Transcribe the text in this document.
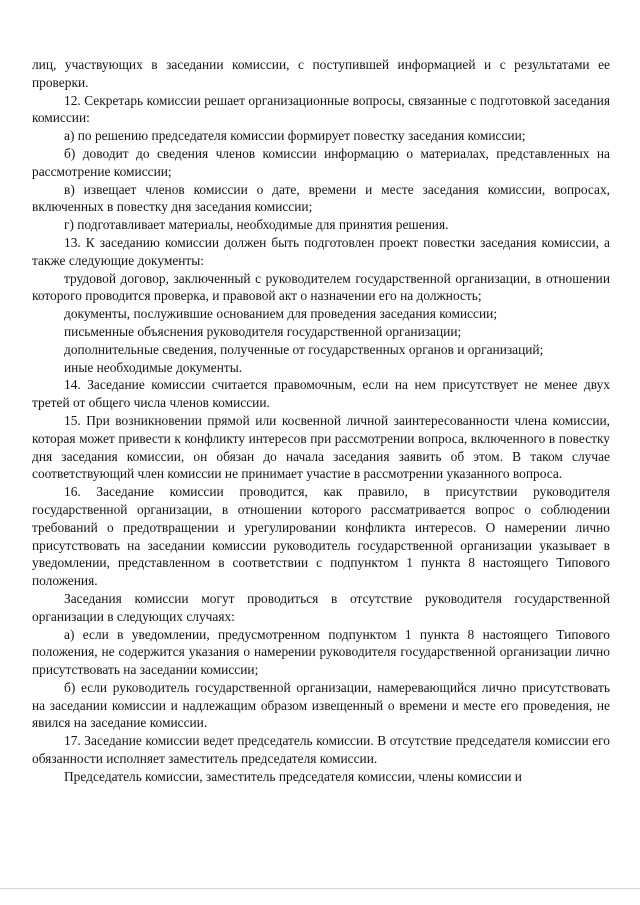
лиц, участвующих в заседании комиссии, с поступившей информацией и с результатами ее проверки.

12. Секретарь комиссии решает организационные вопросы, связанные с подготовкой заседания комиссии:

а) по решению председателя комиссии формирует повестку заседания комиссии;

б) доводит до сведения членов комиссии информацию о материалах, представленных на рассмотрение комиссии;

в) извещает членов комиссии о дате, времени и месте заседания комиссии, вопросах, включенных в повестку дня заседания комиссии;

г) подготавливает материалы, необходимые для принятия решения.

13. К заседанию комиссии должен быть подготовлен проект повестки заседания комиссии, а также следующие документы:

трудовой договор, заключенный с руководителем государственной организации, в отношении которого проводится проверка, и правовой акт о назначении его на должность;

документы, послужившие основанием для проведения заседания комиссии;

письменные объяснения руководителя государственной организации;

дополнительные сведения, полученные от государственных органов и организаций;

иные необходимые документы.

14. Заседание комиссии считается правомочным, если на нем присутствует не менее двух третей от общего числа членов комиссии.

15. При возникновении прямой или косвенной личной заинтересованности члена комиссии, которая может привести к конфликту интересов при рассмотрении вопроса, включенного в повестку дня заседания комиссии, он обязан до начала заседания заявить об этом. В таком случае соответствующий член комиссии не принимает участие в рассмотрении указанного вопроса.

16. Заседание комиссии проводится, как правило, в присутствии руководителя государственной организации, в отношении которого рассматривается вопрос о соблюдении требований о предотвращении и урегулировании конфликта интересов. О намерении лично присутствовать на заседании комиссии руководитель государственной организации указывает в уведомлении, представленном в соответствии с подпунктом 1 пункта 8 настоящего Типового положения.

Заседания комиссии могут проводиться в отсутствие руководителя государственной организации в следующих случаях:

а) если в уведомлении, предусмотренном подпунктом 1 пункта 8 настоящего Типового положения, не содержится указания о намерении руководителя государственной организации лично присутствовать на заседании комиссии;

б) если руководитель государственной организации, намеревающийся лично присутствовать на заседании комиссии и надлежащим образом извещенный о времени и месте его проведения, не явился на заседание комиссии.

17. Заседание комиссии ведет председатель комиссии. В отсутствие председателя комиссии его обязанности исполняет заместитель председателя комиссии.

Председатель комиссии, заместитель председателя комиссии, члены комиссии и
